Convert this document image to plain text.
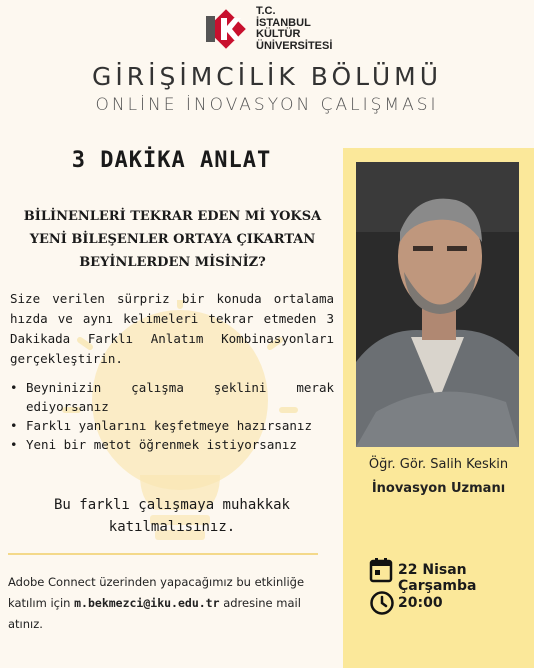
T.C.
İSTANBUL
KÜLTÜR
ÜNİVERSİTESİ
GİRİŞİMCİLİK BÖLÜMÜ
ONLİNE İNOVASYON ÇALIŞMASI
Öğr. Gör. Salih Keskin
İnovasyon Uzmanı
22 Nisan Çarşamba
20:00
3 DAKİKA ANLAT
BİLİNENLERİ TEKRAR EDEN Mİ YOKSA
YENİ BİLEŞENLER ORTAYA ÇIKARTAN
BEYİNLERDEN MİSİNİZ?
Size verilen sürpriz bir konuda ortalama hızda ve aynı kelimeleri tekrar etmeden 3 Dakikada Farklı Anlatım Kombinasyonları gerçekleştirin.
• Beyninizin çalışma şeklini merak ediyorsanız
• Farklı yanlarını keşfetmeye hazırsanız
• Yeni bir metot öğrenmek istiyorsanız
Bu farklı çalışmaya muhakkak
katılmalısınız.
Adobe Connect üzerinden yapacağımız bu etkinliğe
katılım için m.bekmezci@iku.edu.tr adresine mail
atınız.
